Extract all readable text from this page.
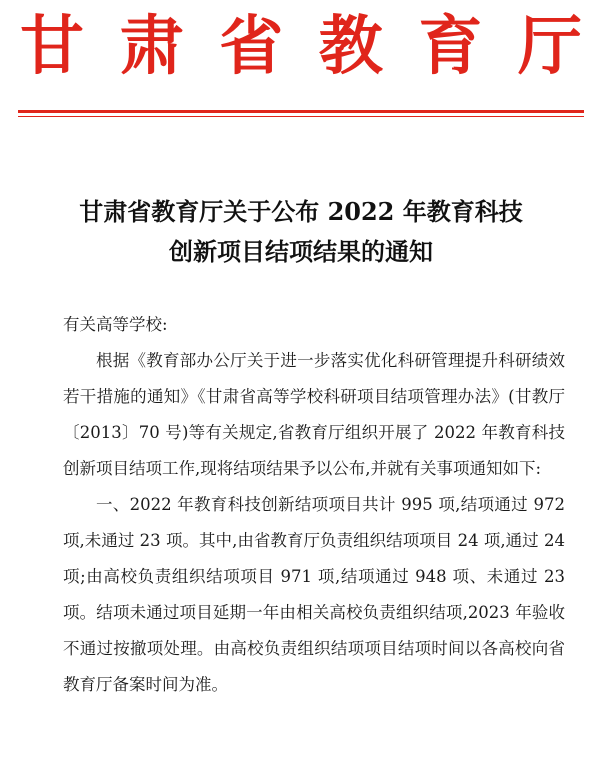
甘 肃 省 教 育 厅
甘肃省教育厅关于公布 2022 年教育科技
创新项目结项结果的通知

有关高等学校:

根据《教育部办公厅关于进一步落实优化科研管理提升科研绩效若干措施的通知》《甘肃省高等学校科研项目结项管理办法》(甘教厅〔2013〕70 号)等有关规定,省教育厅组织开展了 2022 年教育科技创新项目结项工作,现将结项结果予以公布,并就有关事项通知如下:

一、2022 年教育科技创新结项项目共计 995 项,结项通过 972 项,未通过 23 项。其中,由省教育厅负责组织结项项目 24 项,通过 24 项;由高校负责组织结项项目 971 项,结项通过 948 项、未通过 23 项。结项未通过项目延期一年由相关高校负责组织结项,2023 年验收不通过按撤项处理。由高校负责组织结项项目结项时间以各高校向省教育厅备案时间为准。
